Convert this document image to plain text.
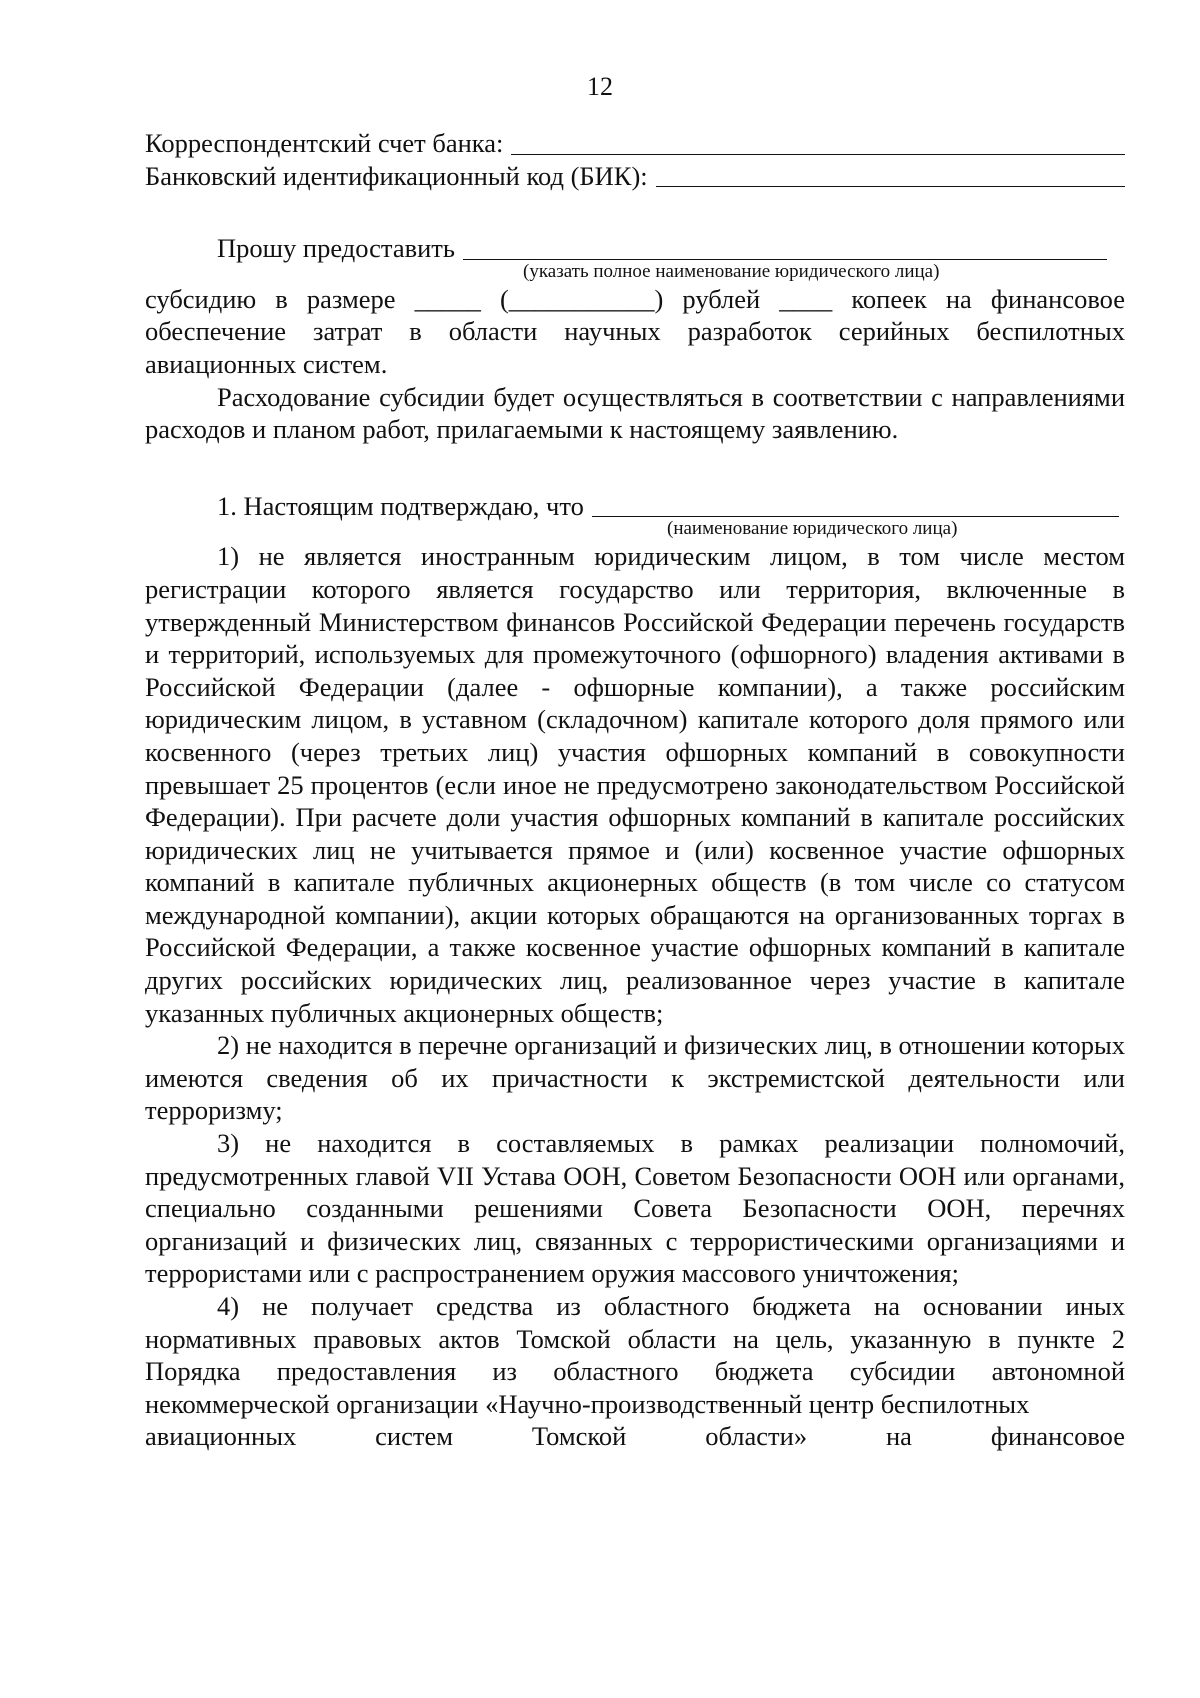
12
Корреспондентский счет банка:
Банковский идентификационный код (БИК):
Прошу предоставить
(указать полное наименование юридического лица)
субсидию в размере _____ (___________) рублей ____ копеек на финансовое

обеспечение затрат в области научных разработок серийных беспилотных авиационных систем.

Расходование субсидии будет осуществляться в соответствии с направлениями расходов и планом работ, прилагаемыми к настоящему заявлению.

1. Настоящим подтверждаю, что
(наименование юридического лица)

1) не является иностранным юридическим лицом, в том числе местом регистрации которого является государство или территория, включенные в утвержденный Министерством финансов Российской Федерации перечень государств и территорий, используемых для промежуточного (офшорного) владения активами в Российской Федерации (далее - офшорные компании), а также российским юридическим лицом, в уставном (складочном) капитале которого доля прямого или косвенного (через третьих лиц) участия офшорных компаний в совокупности превышает 25 процентов (если иное не предусмотрено законодательством Российской Федерации). При расчете доли участия офшорных компаний в капитале российских юридических лиц не учитывается прямое и (или) косвенное участие офшорных компаний в капитале публичных акционерных обществ (в том числе со статусом международной компании), акции которых обращаются на организованных торгах в Российской Федерации, а также косвенное участие офшорных компаний в капитале других российских юридических лиц, реализованное через участие в капитале указанных публичных акционерных обществ;

2) не находится в перечне организаций и физических лиц, в отношении которых имеются сведения об их причастности к экстремистской деятельности или терроризму;

3) не находится в составляемых в рамках реализации полномочий, предусмотренных главой VII Устава ООН, Советом Безопасности ООН или органами, специально созданными решениями Совета Безопасности ООН, перечнях организаций и физических лиц, связанных с террористическими организациями и террористами или с распространением оружия массового уничтожения;

4) не получает средства из областного бюджета на основании иных нормативных правовых актов Томской области на цель, указанную в пункте 2 Порядка предоставления из областного бюджета субсидии автономной некоммерческой организации «Научно-производственный центр беспилотных

авиационных	систем	Томской	области»	на	финансовое
